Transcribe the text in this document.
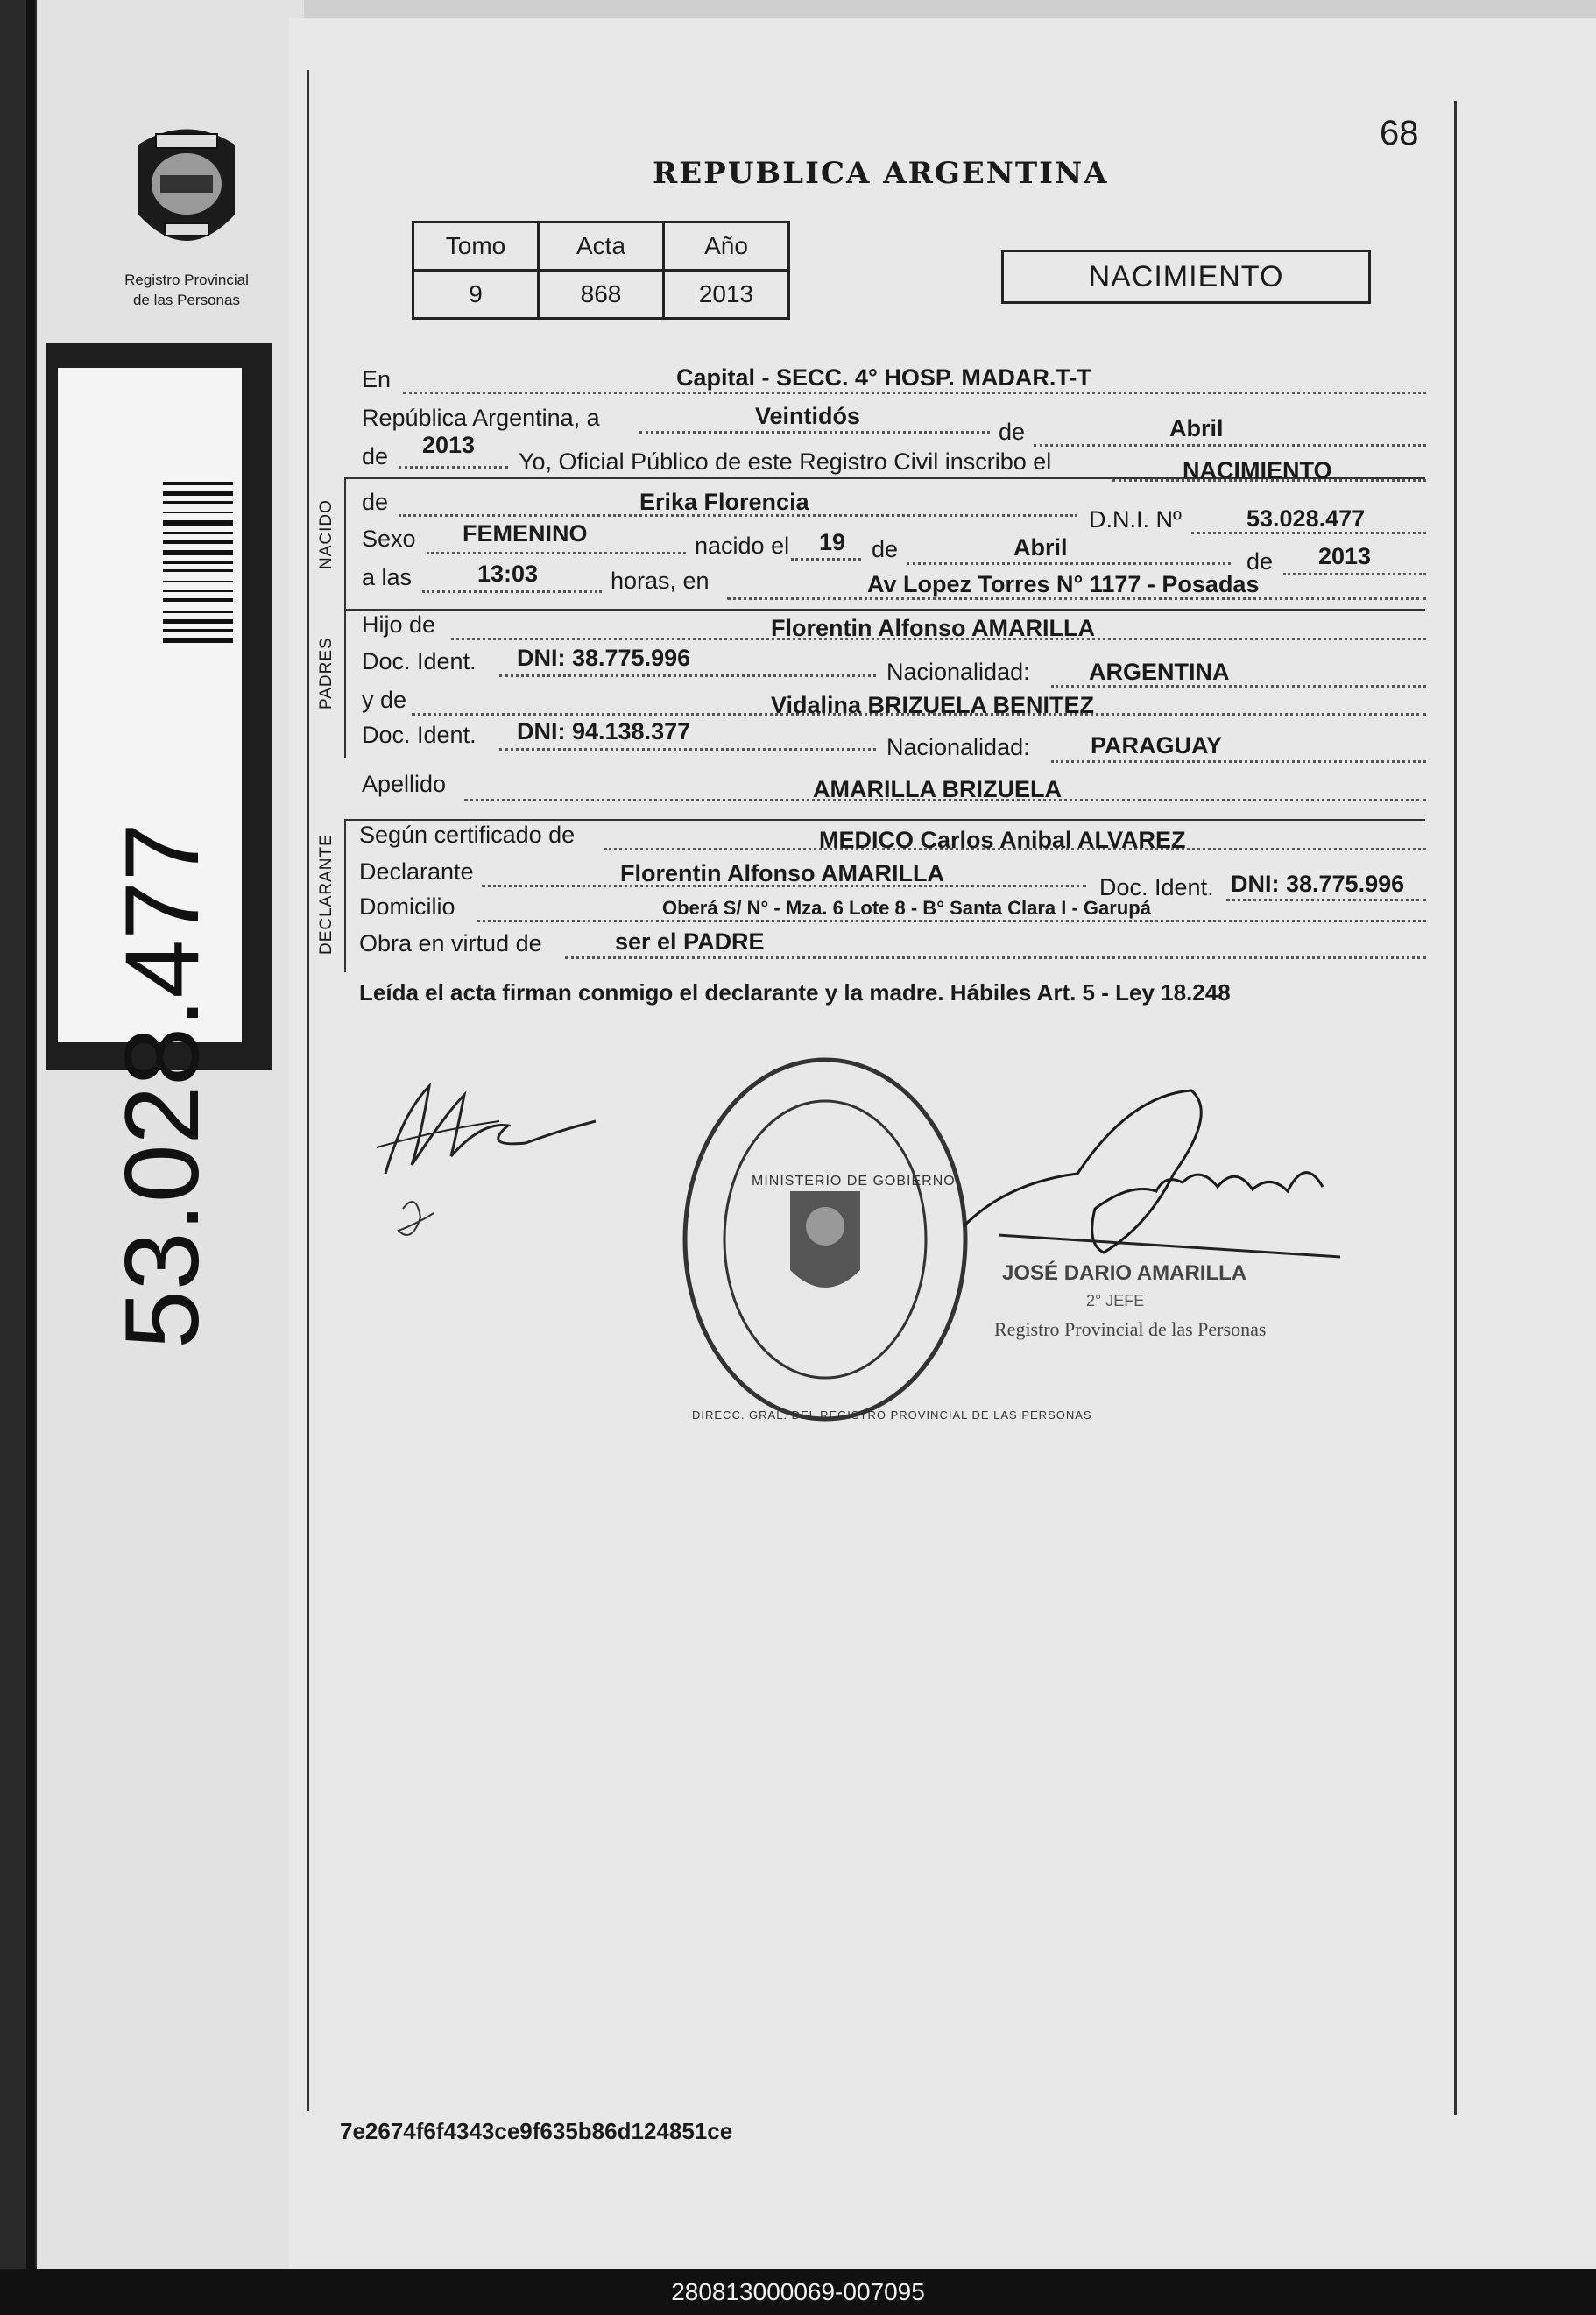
Registro Provincial
de las Personas
53.028.477
68
REPUBLICA ARGENTINA
Tomo	Acta	Año
9	868	2013
NACIMIENTO
NACIDO
PADRES
DECLARANTE
En	Capital - SECC. 4° HOSP. MADAR.T-T
República Argentina, a	Veintidós
de	Abril
de 2013
Yo, Oficial Público de este Registro Civil inscribo el	NACIMIENTO
de	Erika Florencia
D.N.I. Nº	53.028.477
Sexo FEMENINO	nacido el 19 de	Abril
de 2013
a las	13:03	horas, en	Av Lopez Torres N° 1177 - Posadas
Hijo de	Florentin Alfonso AMARILLA
Doc. Ident. DNI: 38.775.996
Nacionalidad: ARGENTINA
y de	Vidalina BRIZUELA BENITEZ
Doc. Ident. DNI: 94.138.377
Nacionalidad:	PARAGUAY
Apellido	AMARILLA BRIZUELA
Según certificado de	MEDICO Carlos Anibal ALVAREZ
Declarante	Florentin Alfonso AMARILLA
Doc. Ident. DNI: 38.775.996
Domicilio	Oberá S/ N° - Mza. 6 Lote 8 - B° Santa Clara I - Garupá
Obra en virtud de	ser el PADRE
Leída el acta firman conmigo el declarante y la madre. Hábiles Art. 5 - Ley 18.248
MINISTERIO DE GOBIERNO
DIRECC. GRAL. DEL REGISTRO PROVINCIAL DE LAS PERSONAS
JOSÉ DARIO AMARILLA
2° JEFE
Registro Provincial de las Personas
7e2674f6f4343ce9f635b86d124851ce
280813000069-007095
